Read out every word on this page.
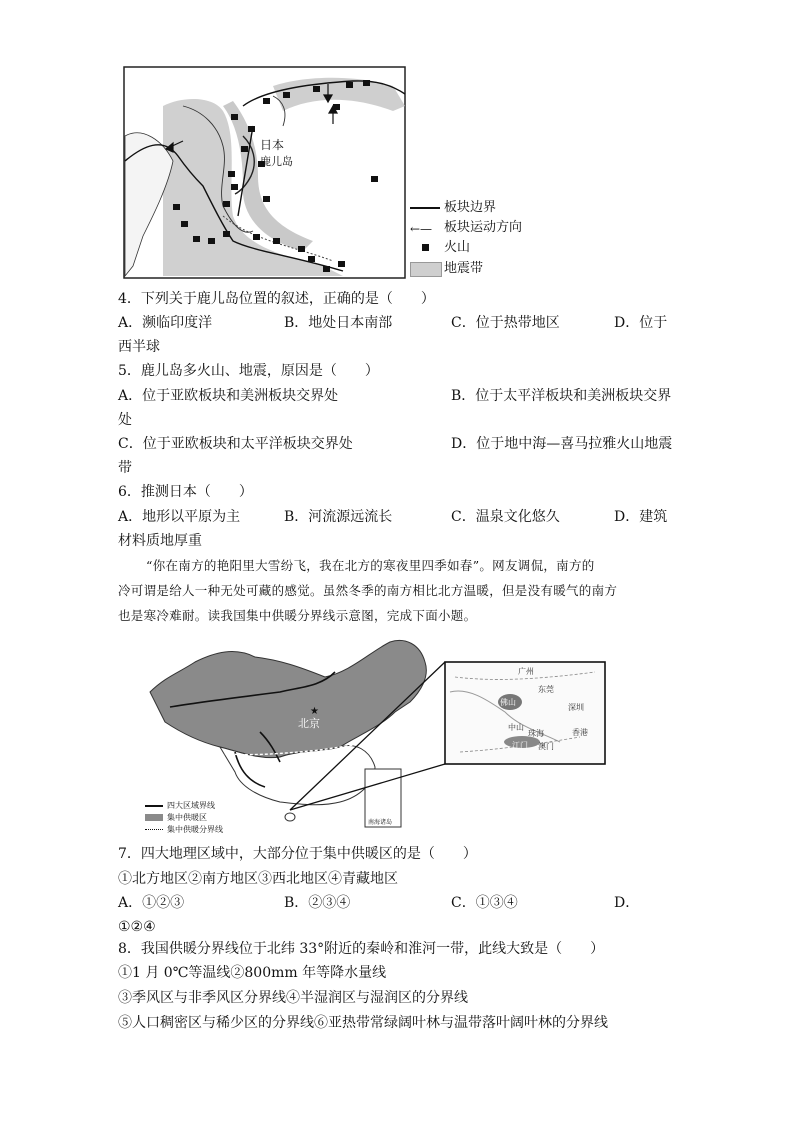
日本
鹿儿岛
板块边界
←— 板块运动方向
火山
地震带
4．下列关于鹿儿岛位置的叙述，正确的是（　　）
A．濒临印度洋	B．地处日本南部	C．位于热带地区	D．位于
西半球
5．鹿儿岛多火山、地震，原因是（　　）
A．位于亚欧板块和美洲板块交界处	B．位于太平洋板块和美洲板块交界
处
C．位于亚欧板块和太平洋板块交界处	D．位于地中海—喜马拉雅火山地震
带
6．推测日本（　　）
A．地形以平原为主	B．河流源远流长	C．温泉文化悠久	D．建筑
材料质地厚重
“你在南方的艳阳里大雪纷飞，我在北方的寒夜里四季如春”。网友调侃，南方的
冷可谓是给人一种无处可藏的感觉。虽然冬季的南方相比北方温暖，但是没有暖气的南方
也是寒冷难耐。读我国集中供暖分界线示意图，完成下面小题。
★
北京
南海诸岛
广州
东莞
佛山
深圳
中山
珠海	香港
江门 澳门
四大区域界线
集中供暖区
集中供暖分界线
7．四大地理区域中，大部分位于集中供暖区的是（　　）
①北方地区②南方地区③西北地区④青藏地区
A．①②③	B．②③④	C．①③④	D．
①②④
8．我国供暖分界线位于北纬 33°附近的秦岭和淮河一带，此线大致是（　　）
①1 月 0℃等温线②800mm 年等降水量线
③季风区与非季风区分界线④半湿润区与湿润区的分界线
⑤人口稠密区与稀少区的分界线⑥亚热带常绿阔叶林与温带落叶阔叶林的分界线
